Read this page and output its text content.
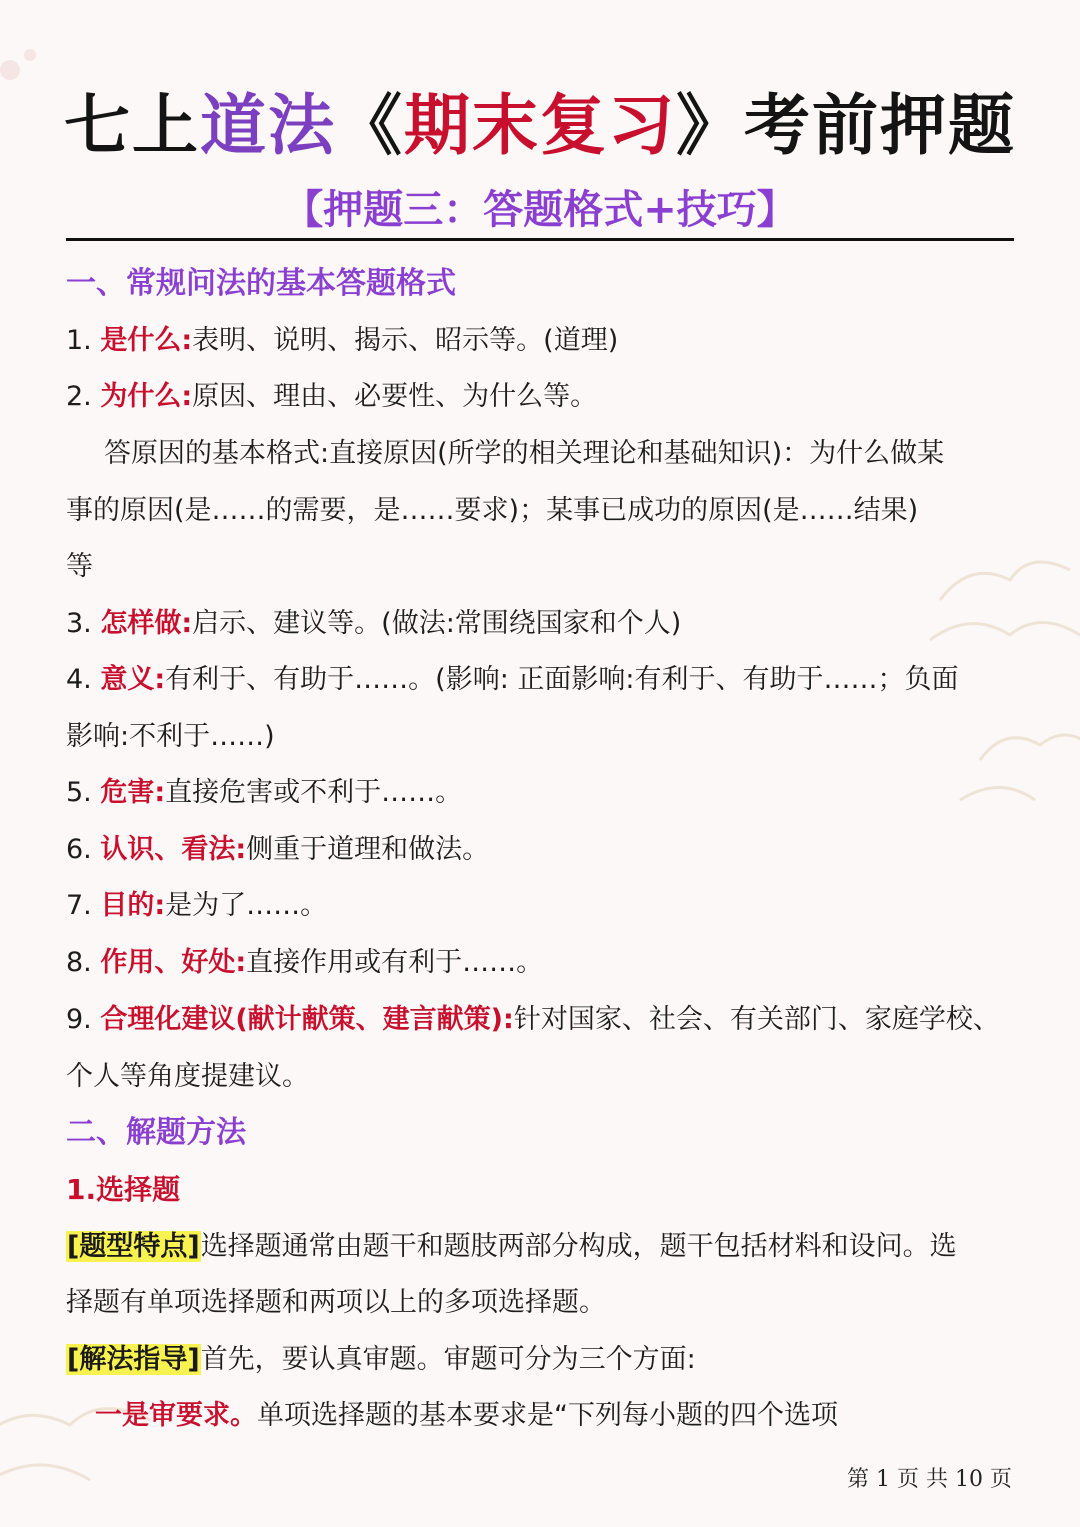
七上道法《期末复习》考前押题
【押题三：答题格式+技巧】
一、常规问法的基本答题格式
1. 是什么:表明、说明、揭示、昭示等。(道理)
2. 为什么:原因、理由、必要性、为什么等。
答原因的基本格式:直接原因(所学的相关理论和基础知识)：为什么做某
事的原因(是……的需要，是……要求)；某事已成功的原因(是……结果)
等
3. 怎样做:启示、建议等。(做法:常围绕国家和个人)
4. 意义:有利于、有助于……。(影响: 正面影响:有利于、有助于……；负面
影响:不利于……)
5. 危害:直接危害或不利于……。
6. 认识、看法:侧重于道理和做法。
7. 目的:是为了……。
8. 作用、好处:直接作用或有利于……。
9. 合理化建议(献计献策、建言献策):针对国家、社会、有关部门、家庭学校、
个人等角度提建议。
二、解题方法
1.选择题
[题型特点]选择题通常由题干和题肢两部分构成，题干包括材料和设问。选
择题有单项选择题和两项以上的多项选择题。
[解法指导]首先，要认真审题。审题可分为三个方面:
一是审要求。单项选择题的基本要求是“下列每小题的四个选项
第 1 页 共 10 页
